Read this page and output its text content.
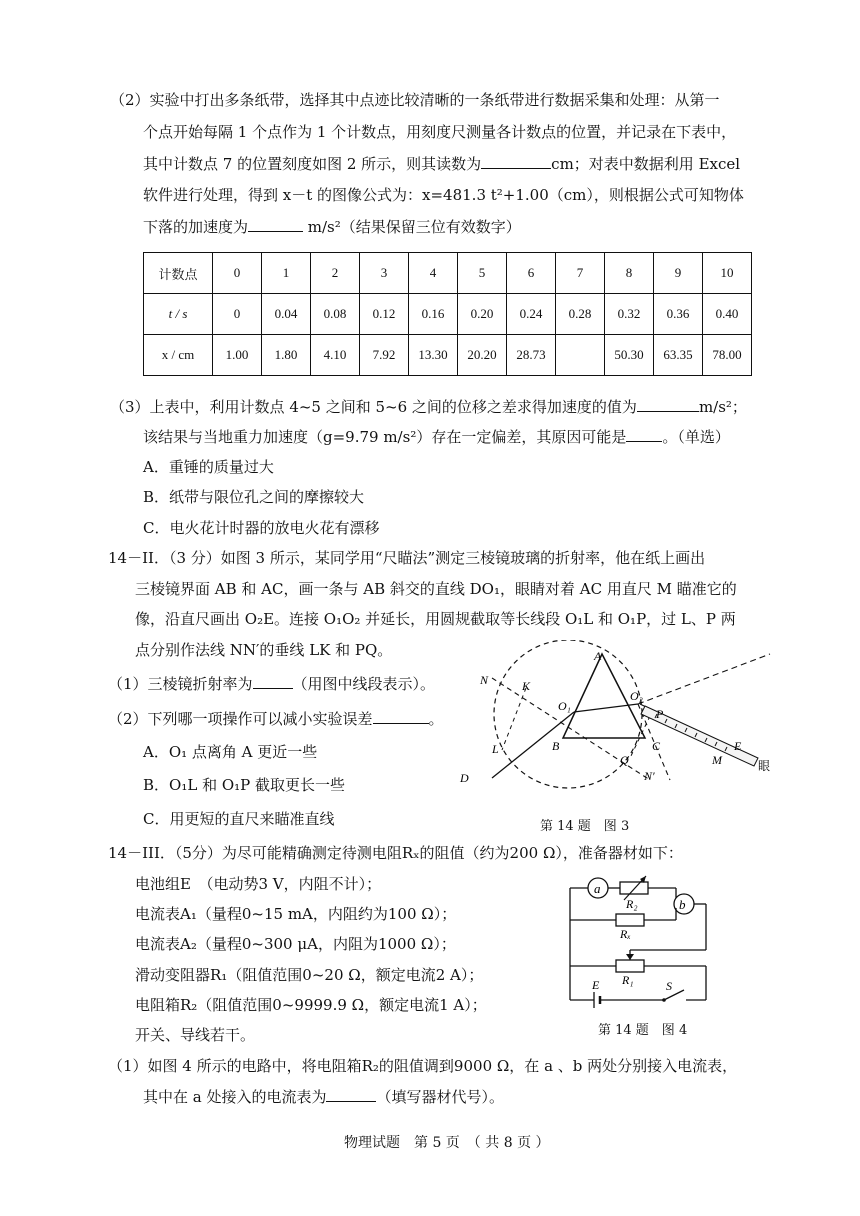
（2）实验中打出多条纸带，选择其中点迹比较清晰的一条纸带进行数据采集和处理：从第一
个点开始每隔 1 个点作为 1 个计数点，用刻度尺测量各计数点的位置，并记录在下表中，
其中计数点 7 的位置刻度如图 2 所示，则其读数为	cm；对表中数据利用 Excel
软件进行处理，得到 x－t 的图像公式为：x=481.3 t²+1.00（cm），则根据公式可知物体
下落的加速度为	m/s²（结果保留三位有效数字）
计数点	0	1	2	3	4	5	6	7	8	9	10
t / s	0	0.04	0.08	0.12	0.16	0.20	0.24	0.28	0.32	0.36	0.40
x / cm	1.00	1.80	4.10	7.92	13.30	20.20	28.73		50.30	63.35	78.00
（3）上表中，利用计数点 4~5 之间和 5~6 之间的位移之差求得加速度的值为	m/s²；
该结果与当地重力加速度（g=9.79 m/s²）存在一定偏差，其原因可能是 。（单选）
A．重锤的质量过大
B．纸带与限位孔之间的摩擦较大
C．电火花计时器的放电火花有漂移
14－II．（3 分）如图 3 所示，某同学用“尺瞄法”测定三棱镜玻璃的折射率，他在纸上画出
三棱镜界面 AB 和 AC，画一条与 AB 斜交的直线 DO₁，眼睛对着 AC 用直尺 M 瞄准它的
像，沿直尺画出 O₂E。连接 O₁O₂ 并延长，用圆规截取等长线段 O₁L 和 O₁P，过 L、P 两
点分别作法线 NN′的垂线 LK 和 PQ。
（1）三棱镜折射率为	（用图中线段表示）。
（2）下列哪一项操作可以减小实验误差	。
A．O₁ 点离角 A 更近一些
B．O₁L 和 O₁P 截取更长一些
C．用更短的直尺来瞄准直线
A
B	C
D
E
N
N′
K
L
O₁
O₂
P
Q	M	眼
第 14 题　图 3
14－III．（5分）为尽可能精确测定待测电阻Rₓ的阻值（约为200 Ω），准备器材如下：
电池组E　（电动势3 V，内阻不计）；
电流表A₁（量程0~15 mA，内阻约为100 Ω）；
电流表A₂（量程0~300 μA，内阻为1000 Ω）；
滑动变阻器R₁（阻值范围0~20 Ω，额定电流2 A）；
电阻箱R₂（阻值范围0~9999.9 Ω，额定电流1 A）；
开关、导线若干。
（1）如图 4 所示的电路中，将电阻箱R₂的阻值调到9000 Ω，在 a 、b 两处分别接入电流表，
其中在 a 处接入的电流表为	（填写器材代号）。
a
R₂	b
Rₓ
R₁
E	S
第 14 题　图 4
物理试题　第 5 页　（ 共 8 页 ）
